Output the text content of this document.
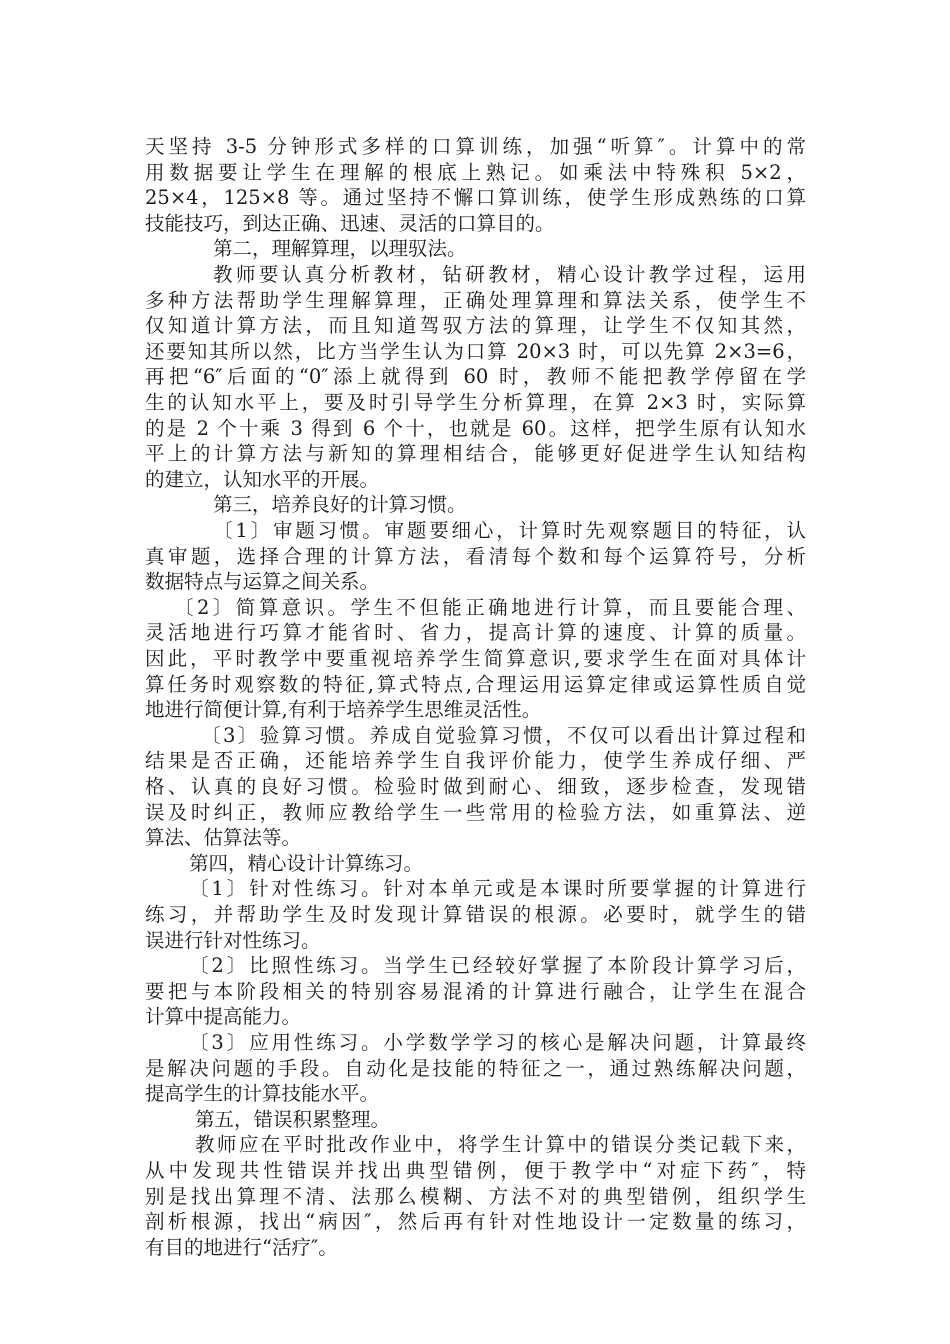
天坚持 3-5 分钟形式多样的口算训练，加强“听算″。计算中的常
用数据要让学生在理解的根底上熟记。如乘法中特殊积 5×2，
25×4，125×8 等。通过坚持不懈口算训练，使学生形成熟练的口算
技能技巧，到达正确、迅速、灵活的口算目的。
第二，理解算理，以理驭法。
教师要认真分析教材，钻研教材，精心设计教学过程，运用
多种方法帮助学生理解算理，正确处理算理和算法关系，使学生不
仅知道计算方法，而且知道驾驭方法的算理，让学生不仅知其然，
还要知其所以然，比方当学生认为口算 20×3 时，可以先算 2×3=6，
再把“6″后面的“0″添上就得到 60 时，教师不能把教学停留在学
生的认知水平上，要及时引导学生分析算理，在算 2×3 时，实际算
的是 2 个十乘 3 得到 6 个十，也就是 60。这样，把学生原有认知水
平上的计算方法与新知的算理相结合，能够更好促进学生认知结构
的建立，认知水平的开展。
第三，培养良好的计算习惯。
〔1〕审题习惯。审题要细心，计算时先观察题目的特征，认
真审题，选择合理的计算方法，看清每个数和每个运算符号，分析
数据特点与运算之间关系。
〔2〕简算意识。学生不但能正确地进行计算，而且要能合理、
灵活地进行巧算才能省时、省力，提高计算的速度、计算的质量。
因此，平时教学中要重视培养学生简算意识,要求学生在面对具体计
算任务时观察数的特征,算式特点,合理运用运算定律或运算性质自觉
地进行简便计算,有利于培养学生思维灵活性。
〔3〕验算习惯。养成自觉验算习惯，不仅可以看出计算过程和
结果是否正确，还能培养学生自我评价能力，使学生养成仔细、严
格、认真的良好习惯。检验时做到耐心、细致，逐步检查，发现错
误及时纠正，教师应教给学生一些常用的检验方法，如重算法、逆
算法、估算法等。
第四，精心设计计算练习。
〔1〕针对性练习。针对本单元或是本课时所要掌握的计算进行
练习，并帮助学生及时发现计算错误的根源。必要时，就学生的错
误进行针对性练习。
〔2〕比照性练习。当学生已经较好掌握了本阶段计算学习后，
要把与本阶段相关的特别容易混淆的计算进行融合，让学生在混合
计算中提高能力。
〔3〕应用性练习。小学数学学习的核心是解决问题，计算最终
是解决问题的手段。自动化是技能的特征之一，通过熟练解决问题，
提高学生的计算技能水平。
第五，错误积累整理。
教师应在平时批改作业中，将学生计算中的错误分类记载下来，
从中发现共性错误并找出典型错例，便于教学中“对症下药″，特
别是找出算理不清、法那么模糊、方法不对的典型错例，组织学生
剖析根源，找出“病因″，然后再有针对性地设计一定数量的练习，
有目的地进行“活疗″。
